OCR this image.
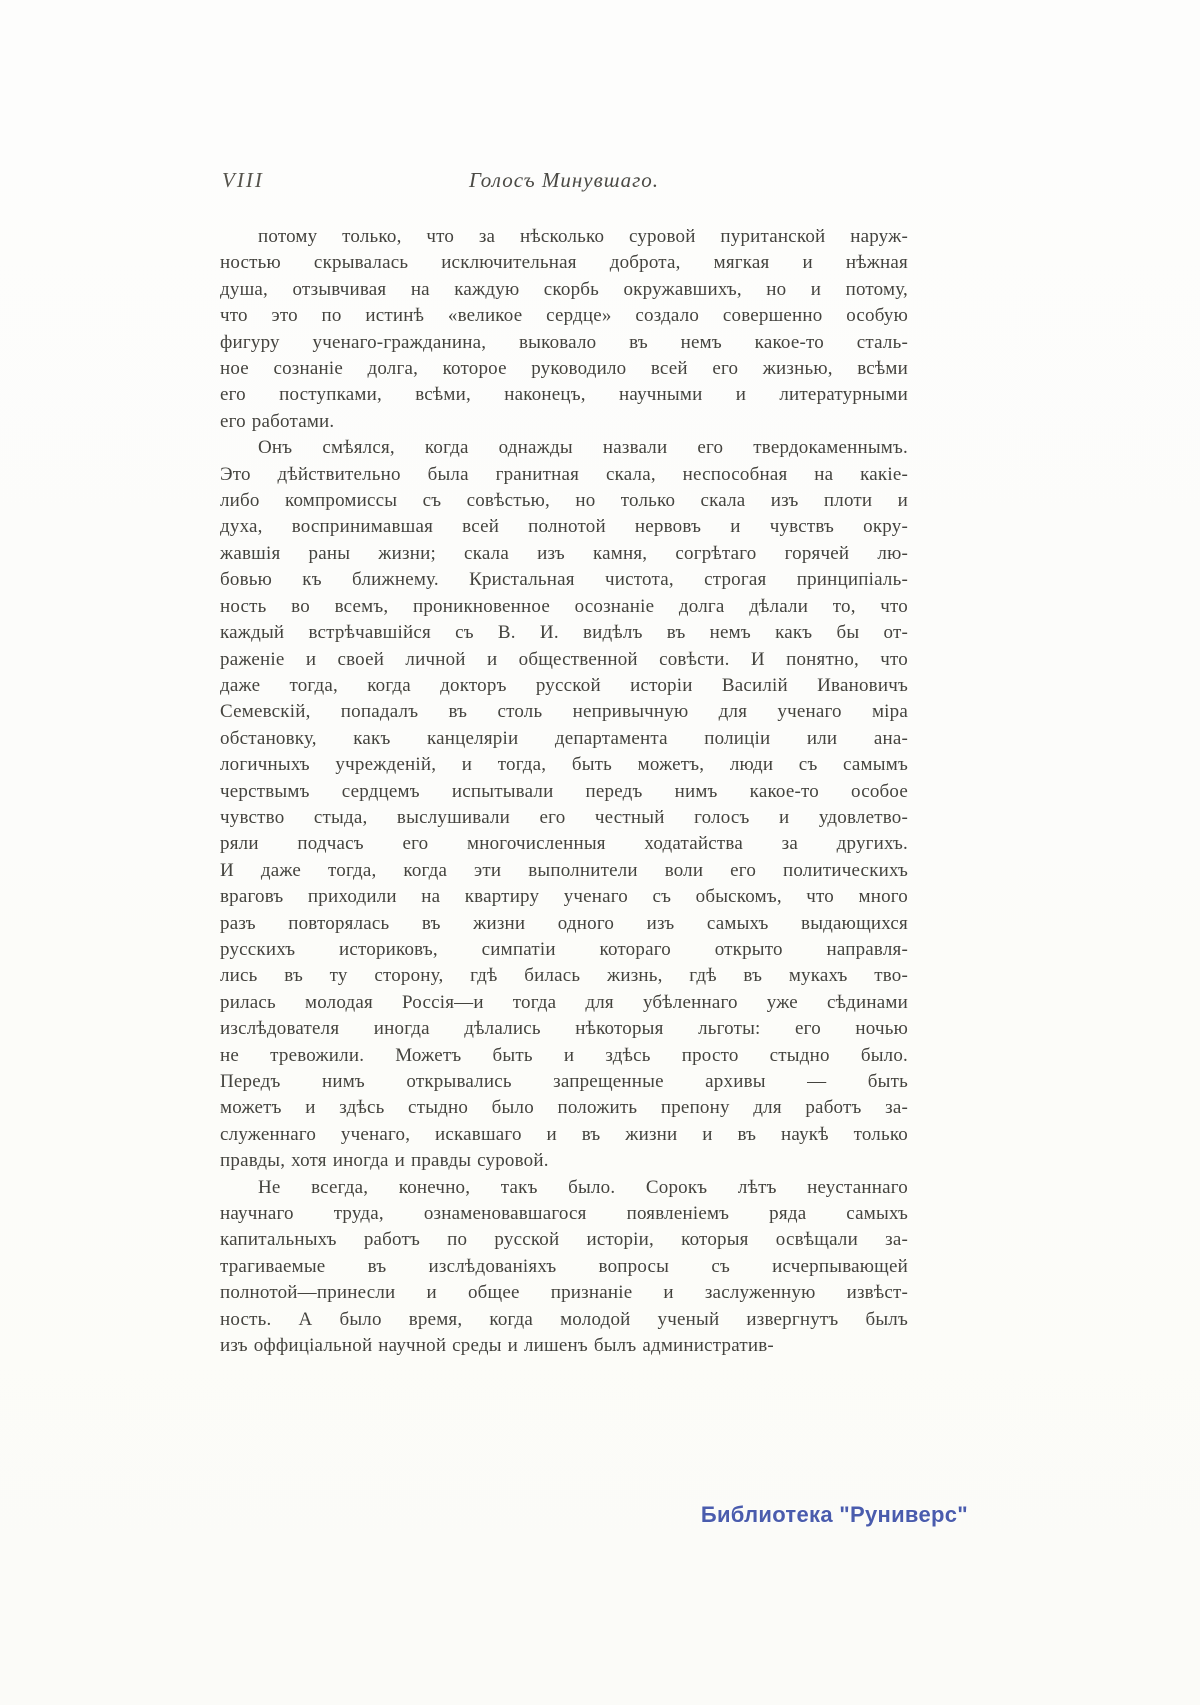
VIII	Голосъ Минувшаго.
потому только, что за нѣсколько суровой пуританской наруж-
ностью скрывалась исключительная доброта, мягкая и нѣжная
душа, отзывчивая на каждую скорбь окружавшихъ, но и потому,
что это по истинѣ «великое сердце» создало совершенно особую
фигуру ученаго-гражданина, выковало въ немъ какое-то сталь-
ное сознаніе долга, которое руководило всей его жизнью, всѣми
его поступками, всѣми, наконецъ, научными и литературными
его работами.
Онъ смѣялся, когда однажды назвали его твердокаменнымъ.
Это дѣйствительно была гранитная скала, неспособная на какіе-
либо компромиссы съ совѣстью, но только скала изъ плоти и
духа, воспринимавшая всей полнотой нервовъ и чувствъ окру-
жавшія раны жизни; скала изъ камня, согрѣтаго горячей лю-
бовью къ ближнему. Кристальная чистота, строгая принципіаль-
ность во всемъ, проникновенное осознаніе долга дѣлали то, что
каждый встрѣчавшійся съ В. И. видѣлъ въ немъ какъ бы от-
раженіе и своей личной и общественной совѣсти. И понятно, что
даже тогда, когда докторъ русской исторіи Василій Ивановичъ
Семевскій, попадалъ въ столь непривычную для ученаго міра
обстановку, какъ канцеляріи департамента полиціи или ана-
логичныхъ учрежденій, и тогда, быть можетъ, люди съ самымъ
черствымъ сердцемъ испытывали передъ нимъ какое-то особое
чувство стыда, выслушивали его честный голосъ и удовлетво-
ряли подчасъ его многочисленныя ходатайства за другихъ.
И даже тогда, когда эти выполнители воли его политическихъ
враговъ приходили на квартиру ученаго съ обыскомъ, что много
разъ повторялась въ жизни одного изъ самыхъ выдающихся
русскихъ историковъ, симпатіи котораго открыто направля-
лись въ ту сторону, гдѣ билась жизнь, гдѣ въ мукахъ тво-
рилась молодая Россія—и тогда для убѣленнаго уже сѣдинами
изслѣдователя иногда дѣлались нѣкоторыя льготы: его ночью
не тревожили. Можетъ быть и здѣсь просто стыдно было.
Передъ нимъ открывались запрещенные архивы — быть
можетъ и здѣсь стыдно было положить препону для работъ за-
служеннаго ученаго, искавшаго и въ жизни и въ наукѣ только
правды, хотя иногда и правды суровой.
Не всегда, конечно, такъ было. Сорокъ лѣтъ неустаннаго
научнаго труда, ознаменовавшагося появленіемъ ряда самыхъ
капитальныхъ работъ по русской исторіи, которыя освѣщали за-
трагиваемые въ изслѣдованіяхъ вопросы съ исчерпывающей
полнотой—принесли и общее признаніе и заслуженную извѣст-
ность. А было время, когда молодой ученый извергнутъ былъ
изъ оффиціальной научной среды и лишенъ былъ административ-
Библиотека "Руниверс"
